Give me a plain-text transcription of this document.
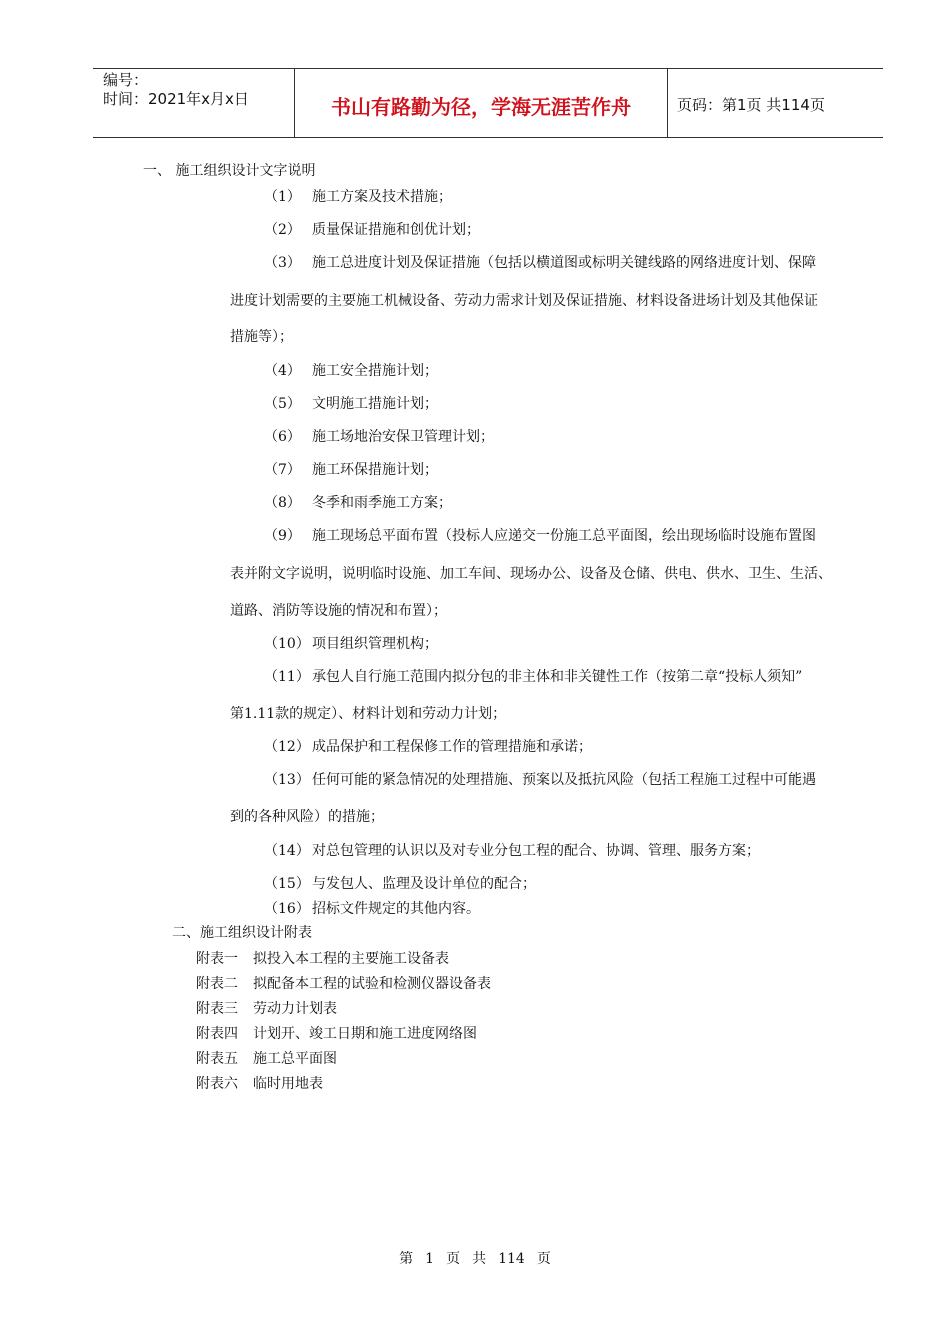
编号：
时间：2021年x月x日	书山有路勤为径，学海无涯苦作舟	页码：第1页 共114页
一、 施工组织设计文字说明
（1） 施工方案及技术措施；
（2） 质量保证措施和创优计划；
（3） 施工总进度计划及保证措施（包括以横道图或标明关键线路的网络进度计划、保障
进度计划需要的主要施工机械设备、劳动力需求计划及保证措施、材料设备进场计划及其他保证
措施等）；
（4） 施工安全措施计划；
（5） 文明施工措施计划；
（6） 施工场地治安保卫管理计划；
（7） 施工环保措施计划；
（8） 冬季和雨季施工方案；
（9） 施工现场总平面布置（投标人应递交一份施工总平面图，绘出现场临时设施布置图
表并附文字说明，说明临时设施、加工车间、现场办公、设备及仓储、供电、供水、卫生、生活、
道路、消防等设施的情况和布置）；
（10） 项目组织管理机构；
（11） 承包人自行施工范围内拟分包的非主体和非关键性工作（按第二章“投标人须知”
第1.11款的规定）、材料计划和劳动力计划；
（12） 成品保护和工程保修工作的管理措施和承诺；
（13） 任何可能的紧急情况的处理措施、预案以及抵抗风险（包括工程施工过程中可能遇
到的各种风险）的措施；
（14） 对总包管理的认识以及对专业分包工程的配合、协调、管理、服务方案；
（15） 与发包人、监理及设计单位的配合；
（16） 招标文件规定的其他内容。
二、施工组织设计附表
附表一 拟投入本工程的主要施工设备表
附表二 拟配备本工程的试验和检测仪器设备表
附表三 劳动力计划表
附表四 计划开、竣工日期和施工进度网络图
附表五 施工总平面图
附表六 临时用地表
第 1 页 共 114 页
